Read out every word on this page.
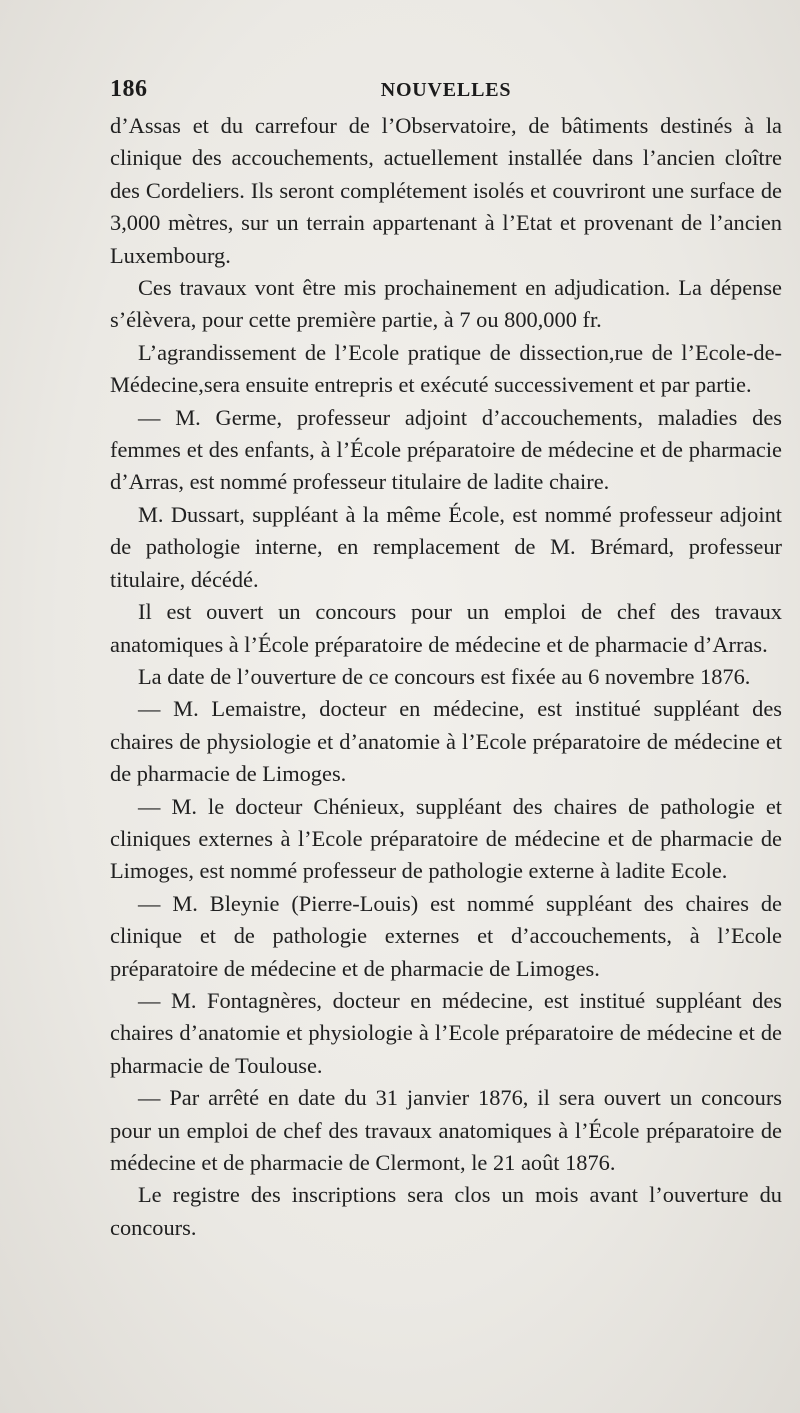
186	NOUVELLES

d’Assas et du carrefour de l’Observatoire, de bâtiments destinés à la clinique des accouchements, actuellement installée dans l’ancien cloître des Cordeliers. Ils seront complétement isolés et couvriront une surface de 3,000 mètres, sur un terrain appartenant à l’Etat et provenant de l’ancien Luxembourg.

Ces travaux vont être mis prochainement en adjudication. La dépense s’élèvera, pour cette première partie, à 7 ou 800,000 fr.

L’agrandissement de l’Ecole pratique de dissection,rue de l’Ecole-de-Médecine,sera ensuite entrepris et exécuté successivement et par partie.

— M. Germe, professeur adjoint d’accouchements, maladies des femmes et des enfants, à l’École préparatoire de médecine et de pharmacie d’Arras, est nommé professeur titulaire de ladite chaire.

M. Dussart, suppléant à la même École, est nommé professeur adjoint de pathologie interne, en remplacement de M. Brémard, professeur titulaire, décédé.

Il est ouvert un concours pour un emploi de chef des travaux anatomiques à l’École préparatoire de médecine et de pharmacie d’Arras.

La date de l’ouverture de ce concours est fixée au 6 novembre 1876.

— M. Lemaistre, docteur en médecine, est institué suppléant des chaires de physiologie et d’anatomie à l’Ecole préparatoire de médecine et de pharmacie de Limoges.

— M. le docteur Chénieux, suppléant des chaires de pathologie et cliniques externes à l’Ecole préparatoire de médecine et de pharmacie de Limoges, est nommé professeur de pathologie externe à ladite Ecole.

— M. Bleynie (Pierre-Louis) est nommé suppléant des chaires de clinique et de pathologie externes et d’accouchements, à l’Ecole préparatoire de médecine et de pharmacie de Limoges.

— M. Fontagnères, docteur en médecine, est institué suppléant des chaires d’anatomie et physiologie à l’Ecole préparatoire de médecine et de pharmacie de Toulouse.

— Par arrêté en date du 31 janvier 1876, il sera ouvert un concours pour un emploi de chef des travaux anatomiques à l’École préparatoire de médecine et de pharmacie de Clermont, le 21 août 1876.

Le registre des inscriptions sera clos un mois avant l’ouverture du concours.
